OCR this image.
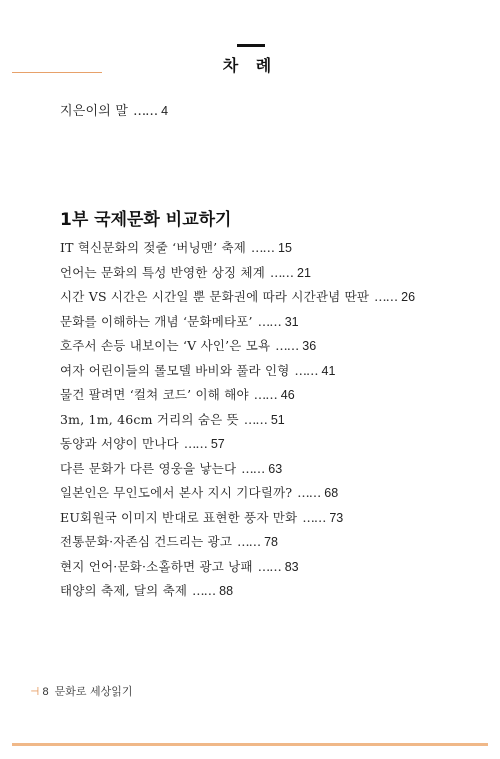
차 례
지은이의 말 …… 4
1부 국제문화 비교하기
IT 혁신문화의 젖줄 ‘버닝맨’ 축제 …… 15
언어는 문화의 특성 반영한 상징 체계 …… 21
시간 VS 시간은 시간일 뿐 문화권에 따라 시간관념 딴판 …… 26
문화를 이해하는 개념 ‘문화메타포’ …… 31
호주서 손등 내보이는 ‘V 사인’은 모욕 …… 36
여자 어린이들의 롤모델 바비와 풀라 인형 …… 41
물건 팔려면 ‘컬쳐 코드’ 이해 해야 …… 46
3m, 1m, 46cm 거리의 숨은 뜻 …… 51
동양과 서양이 만나다 …… 57
다른 문화가 다른 영웅을 낳는다 …… 63
일본인은 무인도에서 본사 지시 기다릴까? …… 68
EU회원국 이미지 반대로 표현한 풍자 만화 …… 73
전통문화·자존심 건드리는 광고 …… 78
현지 언어·문화·소홀하면 광고 낭패 …… 83
태양의 축제, 달의 축제 …… 88
⊣ 8 문화로 세상읽기
